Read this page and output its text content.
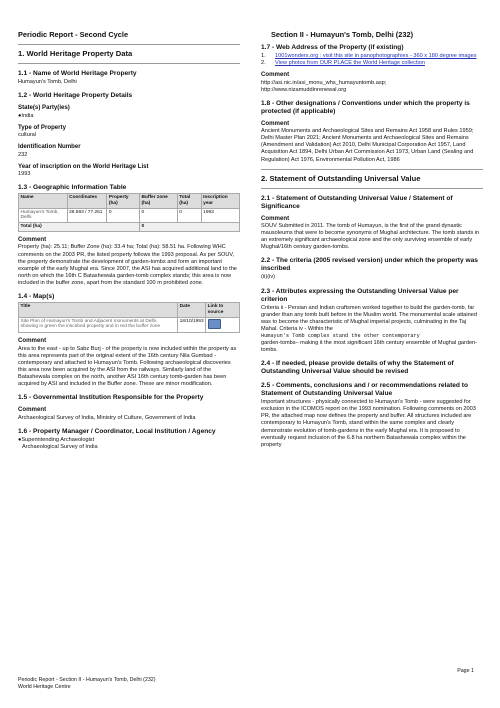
Periodic Report - Second Cycle	Section II - Humayun's Tomb, Delhi (232)
1. World Heritage Property Data
1.1 - Name of World Heritage Property

Humayun's Tomb, Delhi

1.2 - World Heritage Property Details
State(s) Party(ies)

●India

Type of Property

cultural

Identification Number

232

Year of inscription on the World Heritage List

1993

1.3 - Geographic Information Table
Name	Coordinates	Property (ha)	Buffer zone (ha)	Total (ha)	Inscription year
Humayun's Tomb, Delhi	28.593 / 77.251	0	0	0	1993
Total (ha)			0		
Comment

Property (ha): 25.11; Buffer Zone (ha): 33.4 ha; Total (ha): 58.51 ha. Following WHC comments on the 2003 PR, the listed property follows the 1993 proposal. As per SOUV, the property demonstrate the development of garden-tombs and form an important example of the early Mughal era. Since 2007, the ASI has acquired additional land to the north on which the 16th C Batashewala garden-tomb complex stands; this area is now included in the buffer zone, apart from the standard 100 m prohibited zone.

1.4 - Map(s)
Title	Date	Link to source
Site Plan of Humayun's Tomb and Adjacent monuments at Delhi, showing in green the inscribed property and in red the buffer zone	18/10/1993	
Comment

Area to the east - up to Sabz Burj - of the property is now included within the property as this area represents part of the original extent of the 16th century Nila Gumbad - contemporary and attached to Humayun's Tomb. Following archaeological discoveries this area now been acquired by the ASI from the railways. Similarly land of the Batashewala complex on the north, another ASI 16th century tomb-garden has been acquired by ASI and included in the Buffer zone. These are minor modification.

1.5 - Governmental Institution Responsible for the Property
Comment

Archaeological Survey of India, Ministry of Culture, Government of India

1.6 - Property Manager / Coordinator, Local Institution / Agency

●Superintending Archaeologist

Archaeological Survey of India

1.7 - Web Address of the Property (if existing)
1.	1001wonders.org : visit this site in panophotographies - 360 x 180 degree images
2.	View photos from OUR PLACE the World Heritage collection
Comment

http://asi.nic.in/asi_monu_whs_humayuntomb.asp;

http://www.nizamuddinrenewal.org

1.8 - Other designations / Conventions under which the property is protected (if applicable)
Comment

Ancient Monuments and Archaeological Sites and Remains Act 1958 and Rules 1959; Delhi Master Plan 2021; Ancient Monuments and Archaeological Sites and Remains (Amendment and Validation) Act 2010, Delhi Municipal Corporation Act 1957, Land Acquisition Act 1894, Delhi Urban Art Commission Act 1973, Urban Land (Sealing and Regulation) Act 1976, Environmental Pollution Act, 1986

2. Statement of Outstanding Universal Value
2.1 - Statement of Outstanding Universal Value / Statement of Significance
Comment

SOUV Submitted in 2011. The tomb of Humayun, is the first of the grand dynastic mausoleums that were to become synonyms of Mughal architecture. The tomb stands in an extremely significant archaeological zone and the only surviving ensemble of early Mughal/16th century garden-tombs.

2.2 - The criteria (2005 revised version) under which the property was inscribed

(ii)(iv)

2.3 - Attributes expressing the Outstanding Universal Value per criterion

Criteria ii - Persian and Indian craftsmen worked together to build the garden-tomb, far grander than any tomb built before in the Muslim world. The monumental scale attained was to become the characteristic of Mughal imperial projects, culminating in the Taj Mahal. Criteria iv - Within the
Humayun's Tomb complex stand the other contemporary
garden-tombs– making it the most significant 16th century ensemble of Mughal garden-tombs.

2.4 - If needed, please provide details of why the Statement of Outstanding Universal Value should be revised
2.5 - Comments, conclusions and / or recommendations related to Statement of Outstanding Universal Value

Important structures - physically connected to Humayun's Tomb - were suggested for exclusion in the ICOMOS report on the 1993 nomination. Following comments on 2003 PR, the attached map now defines the property and buffer. All structures included are contemporary to Humayun's Tomb, stand within the same complex and clearly demonstrate evolution of tomb-gardens in the early Mughal era. It is proposed to eventually request inclusion of the 6.8 ha northern Batashewala complex within the property

Page 1
Periodic Report - Section II - Humayun's Tomb, Delhi (232)
World Heritage Centre
